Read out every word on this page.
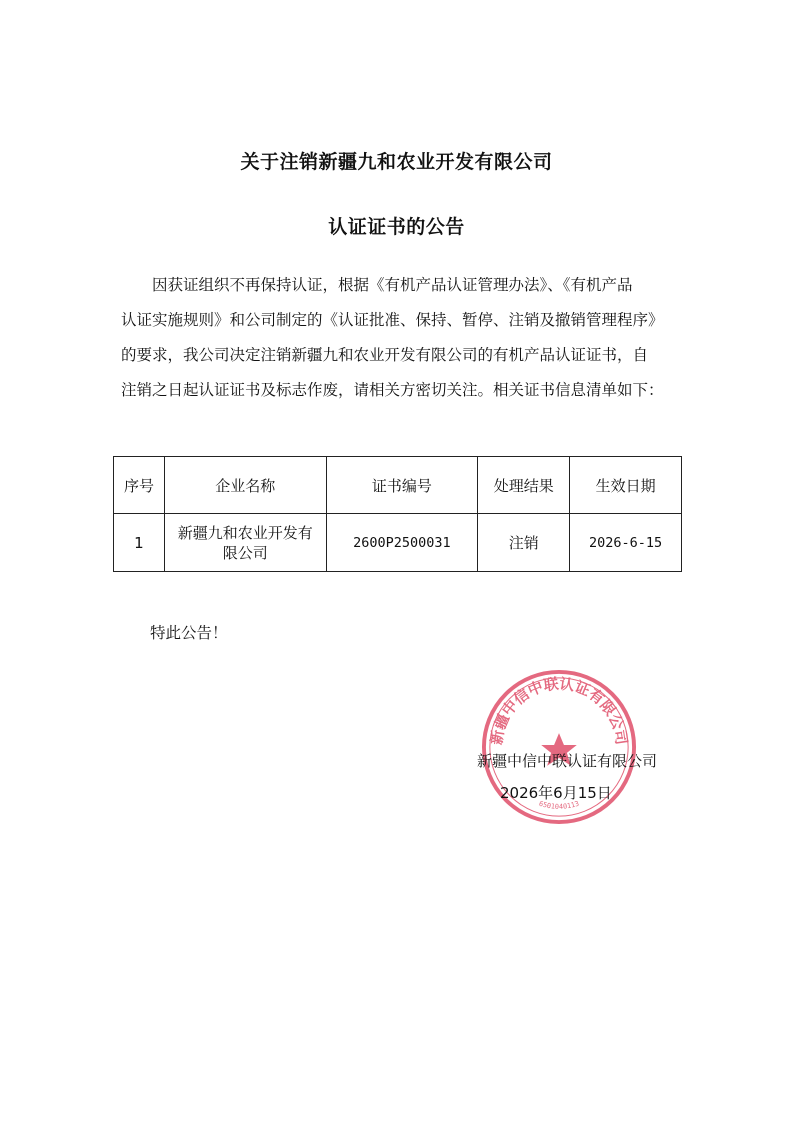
关于注销新疆九和农业开发有限公司
认证证书的公告
因获证组织不再保持认证，根据《有机产品认证管理办法》、《有机产品
认证实施规则》和公司制定的《认证批准、保持、暂停、注销及撤销管理程序》
的要求，我公司决定注销新疆九和农业开发有限公司的有机产品认证证书，自
注销之日起认证证书及标志作废，请相关方密切关注。相关证书信息清单如下：
序号	企业名称	证书编号	处理结果	生效日期
1	新疆九和农业开发有
限公司	2600P2500031	注销	2026-6-15
特此公告！
新疆中信中联认证有限公司
6501040113
新疆中信中联认证有限公司
2026年6月15日
